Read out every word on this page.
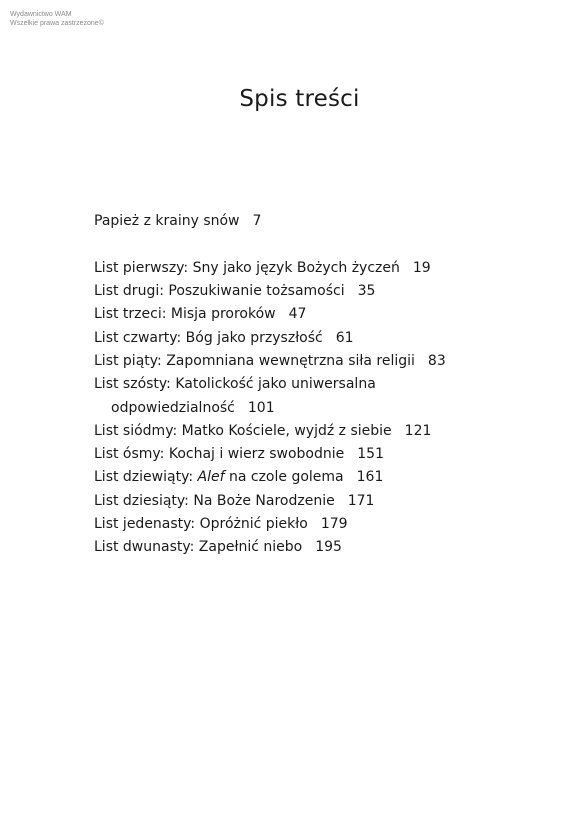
Wydawnictwo WAM
Wszelkie prawa zastrzeżone©
Spis treści
Papież z krainy snów 7
List pierwszy: Sny jako język Bożych życzeń 19
List drugi: Poszukiwanie tożsamości 35
List trzeci: Misja proroków 47
List czwarty: Bóg jako przyszłość 61
List piąty: Zapomniana wewnętrzna siła religii 83
List szósty: Katolickość jako uniwersalna
odpowiedzialność 101
List siódmy: Matko Kościele, wyjdź z siebie 121
List ósmy: Kochaj i wierz swobodnie 151
List dziewiąty: Alef na czole golema 161
List dziesiąty: Na Boże Narodzenie 171
List jedenasty: Opróżnić piekło 179
List dwunasty: Zapełnić niebo 195
